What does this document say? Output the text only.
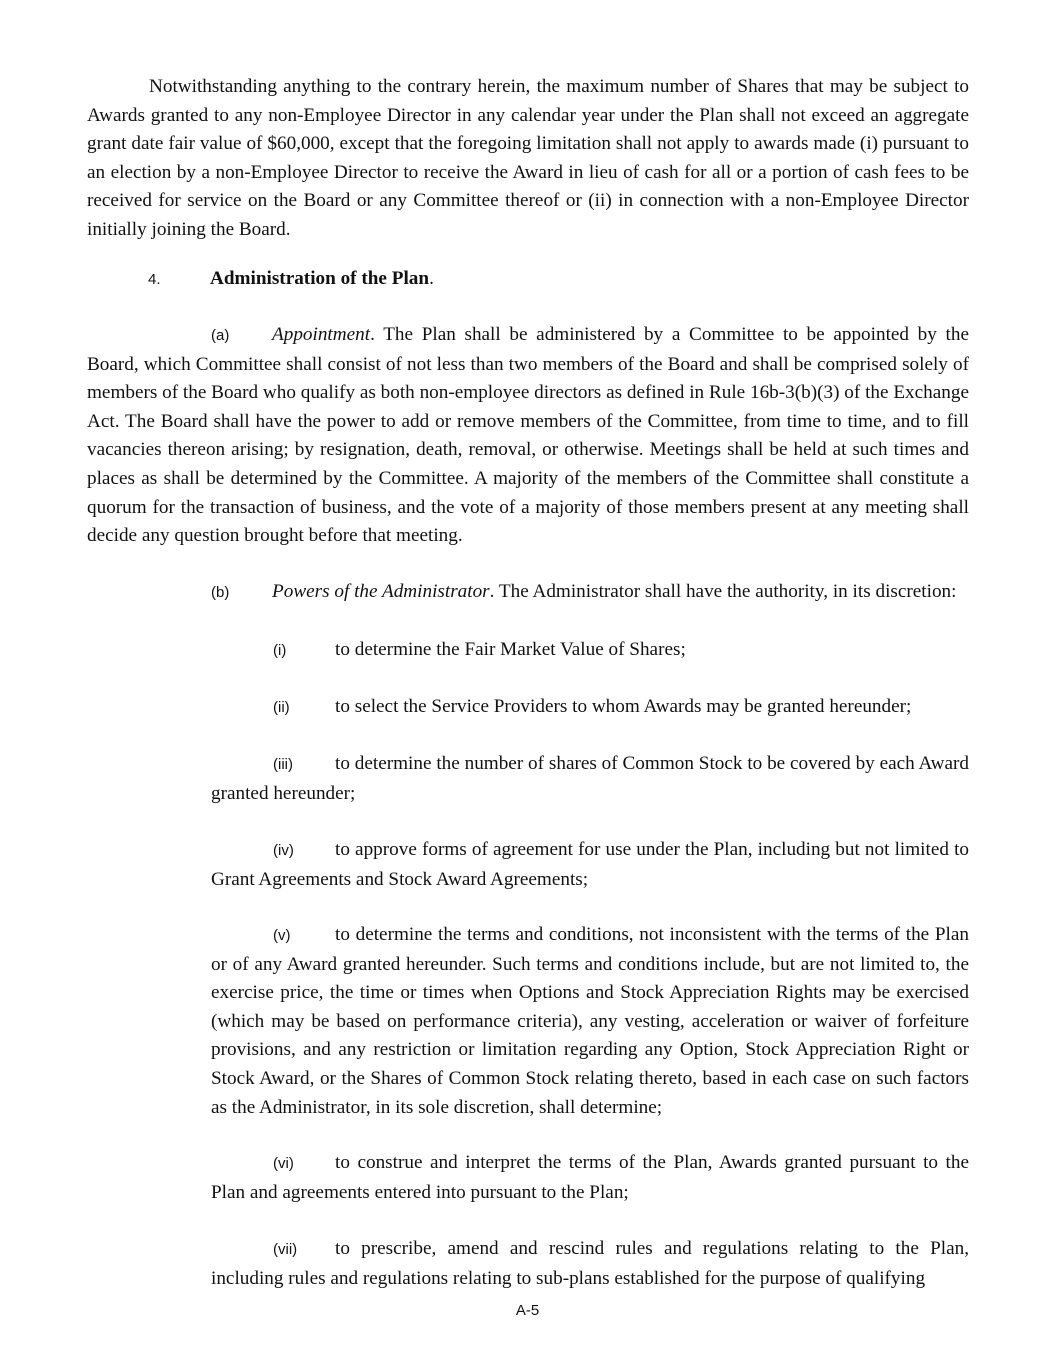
Notwithstanding anything to the contrary herein, the maximum number of Shares that may be subject to Awards granted to any non-Employee Director in any calendar year under the Plan shall not exceed an aggregate grant date fair value of $60,000, except that the foregoing limitation shall not apply to awards made (i) pursuant to an election by a non-Employee Director to receive the Award in lieu of cash for all or a portion of cash fees to be received for service on the Board or any Committee thereof or (ii) in connection with a non-Employee Director initially joining the Board.

4.	Administration of the Plan.

(a) Appointment. The Plan shall be administered by a Committee to be appointed by the Board, which Committee shall consist of not less than two members of the Board and shall be comprised solely of members of the Board who qualify as both non-employee directors as defined in Rule 16b-3(b)(3) of the Exchange Act. The Board shall have the power to add or remove members of the Committee, from time to time, and to fill vacancies thereon arising; by resignation, death, removal, or otherwise. Meetings shall be held at such times and places as shall be determined by the Committee. A majority of the members of the Committee shall constitute a quorum for the transaction of business, and the vote of a majority of those members present at any meeting shall decide any question brought before that meeting.

(b) Powers of the Administrator. The Administrator shall have the authority, in its discretion:

(i)	to determine the Fair Market Value of Shares;

(ii) to select the Service Providers to whom Awards may be granted hereunder;

(iii) to determine the number of shares of Common Stock to be covered by each Award granted hereunder;

(iv) to approve forms of agreement for use under the Plan, including but not limited to Grant Agreements and Stock Award Agreements;

(v) to determine the terms and conditions, not inconsistent with the terms of the Plan or of any Award granted hereunder. Such terms and conditions include, but are not limited to, the exercise price, the time or times when Options and Stock Appreciation Rights may be exercised (which may be based on performance criteria), any vesting, acceleration or waiver of forfeiture provisions, and any restriction or limitation regarding any Option, Stock Appreciation Right or Stock Award, or the Shares of Common Stock relating thereto, based in each case on such factors as the Administrator, in its sole discretion, shall determine;

(vi) to construe and interpret the terms of the Plan, Awards granted pursuant to the Plan and agreements entered into pursuant to the Plan;

(vii) to prescribe, amend and rescind rules and regulations relating to the Plan, including rules and regulations relating to sub-plans established for the purpose of qualifying

A-5
